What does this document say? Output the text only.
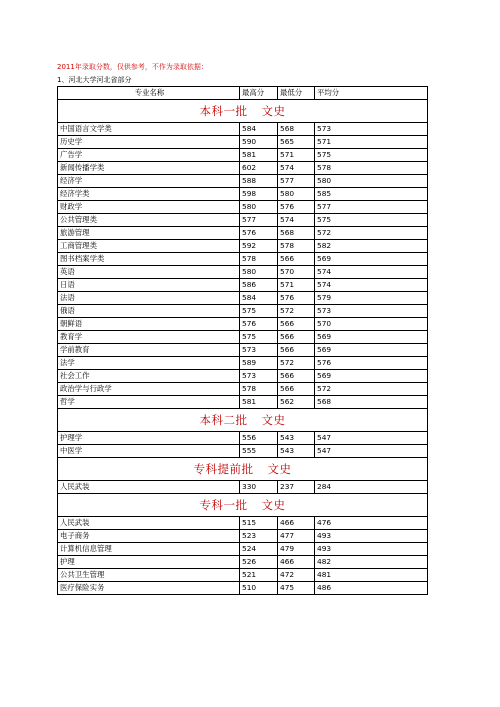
2011年录取分数，仅供参考，不作为录取依据：
1、河北大学河北省部分
专业名称	最高分	最低分	平均分
本科一批 文史			
中国语言文学类	584	568	573
历史学	590	565	571
广告学	581	571	575
新闻传播学类	602	574	578
经济学	588	577	580
经济学类	598	580	585
财政学	580	576	577
公共管理类	577	574	575
旅游管理	576	568	572
工商管理类	592	578	582
图书档案学类	578	566	569
英语	580	570	574
日语	586	571	574
法语	584	576	579
俄语	575	572	573
朝鲜语	576	566	570
教育学	575	566	569
学前教育	573	566	569
法学	589	572	576
社会工作	573	566	569
政治学与行政学	578	566	572
哲学	581	562	568
本科二批 文史			
护理学	556	543	547
中医学	555	543	547
专科提前批 文史			
人民武装	330	237	284
专科一批 文史			
人民武装	515	466	476
电子商务	523	477	493
计算机信息管理	524	479	493
护理	526	466	482
公共卫生管理	521	472	481
医疗保险实务	510	475	486
